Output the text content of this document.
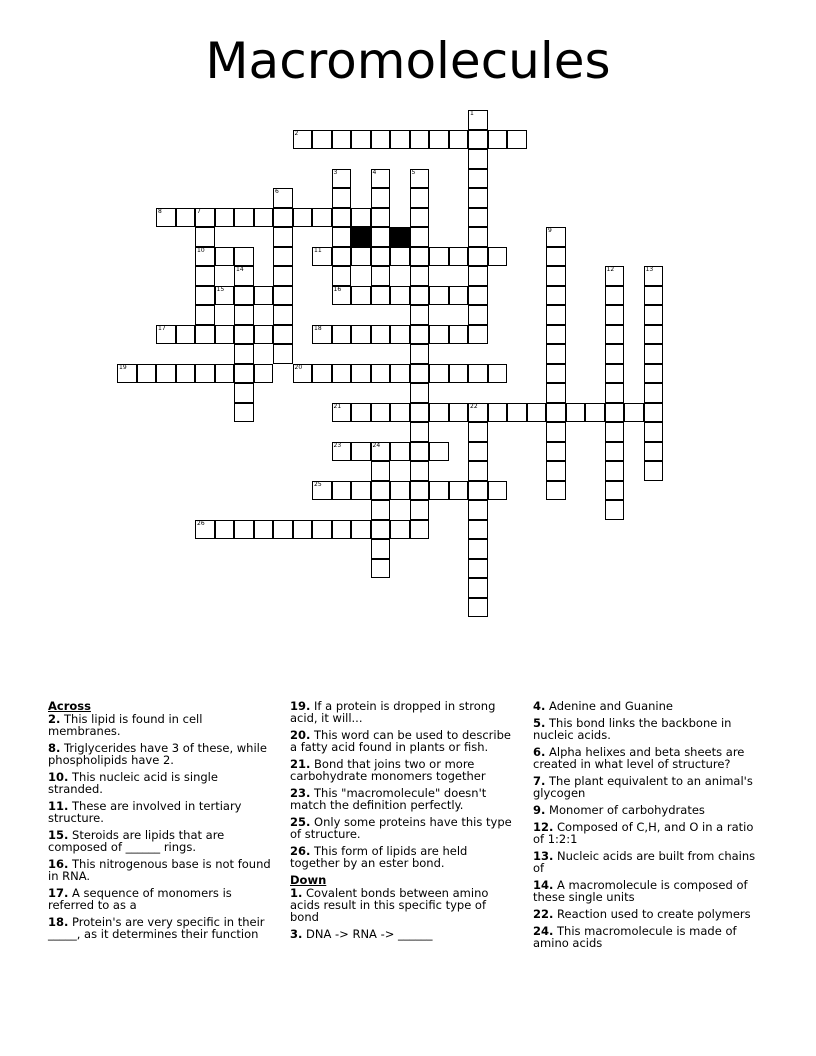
Macromolecules
2
8	7
10	11
15	16
17	18
19	20
21	22
23	24
25
26
1
3	4	5
6
9
12	13
14
Across
2. This lipid is found in cell membranes.
8. Triglycerides have 3 of these, while phospholipids have 2.
10. This nucleic acid is single stranded.
11. These are involved in tertiary structure.
15. Steroids are lipids that are composed of ______ rings.
16. This nitrogenous base is not found in RNA.
17. A sequence of monomers is referred to as a
18. Protein's are very specific in their _____, as it determines their function
19. If a protein is dropped in strong acid, it will...
20. This word can be used to describe a fatty acid found in plants or fish.
21. Bond that joins two or more carbohydrate monomers together
23. This "macromolecule" doesn't match the definition perfectly.
25. Only some proteins have this type of structure.
26. This form of lipids are held together by an ester bond.
Down
1. Covalent bonds between amino acids result in this specific type of bond
3. DNA -> RNA -> ______
4. Adenine and Guanine
5. This bond links the backbone in nucleic acids.
6. Alpha helixes and beta sheets are created in what level of structure?
7. The plant equivalent to an animal's glycogen
9. Monomer of carbohydrates
12. Composed of C,H, and O in a ratio of 1:2:1
13. Nucleic acids are built from chains of
14. A macromolecule is composed of these single units
22. Reaction used to create polymers
24. This macromolecule is made of amino acids
